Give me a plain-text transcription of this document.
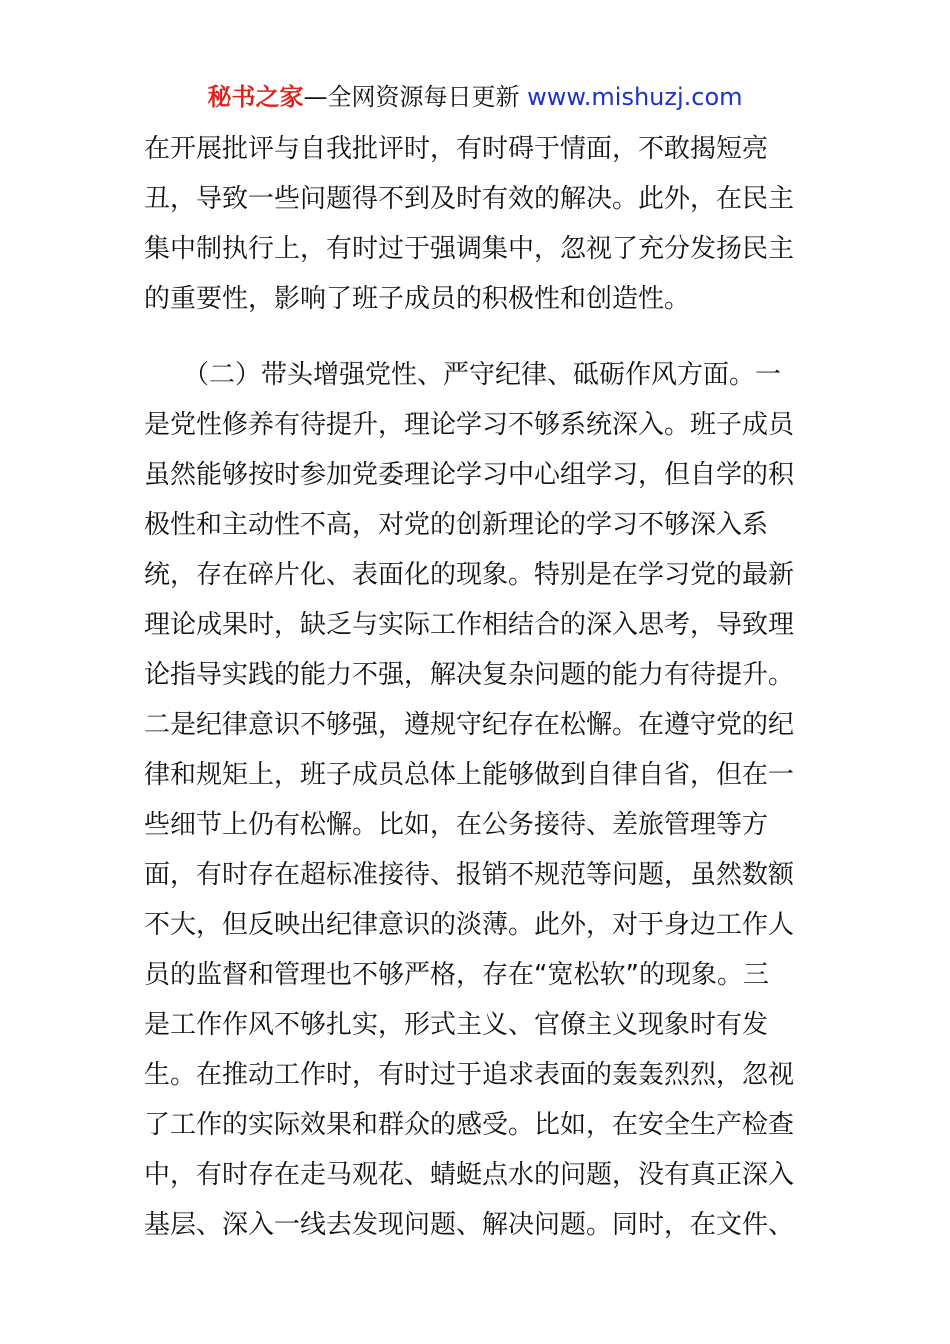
秘书之家—全网资源每日更新 www.mishuzj.com
在开展批评与自我批评时，有时碍于情面，不敢揭短亮
丑，导致一些问题得不到及时有效的解决。此外，在民主
集中制执行上，有时过于强调集中，忽视了充分发扬民主
的重要性，影响了班子成员的积极性和创造性。
　　（二）带头增强党性、严守纪律、砥砺作风方面。一
是党性修养有待提升，理论学习不够系统深入。班子成员
虽然能够按时参加党委理论学习中心组学习，但自学的积
极性和主动性不高，对党的创新理论的学习不够深入系
统，存在碎片化、表面化的现象。特别是在学习党的最新
理论成果时，缺乏与实际工作相结合的深入思考，导致理
论指导实践的能力不强，解决复杂问题的能力有待提升。
二是纪律意识不够强，遵规守纪存在松懈。在遵守党的纪
律和规矩上，班子成员总体上能够做到自律自省，但在一
些细节上仍有松懈。比如，在公务接待、差旅管理等方
面，有时存在超标准接待、报销不规范等问题，虽然数额
不大，但反映出纪律意识的淡薄。此外，对于身边工作人
员的监督和管理也不够严格，存在“宽松软”的现象。三
是工作作风不够扎实，形式主义、官僚主义现象时有发
生。在推动工作时，有时过于追求表面的轰轰烈烈，忽视
了工作的实际效果和群众的感受。比如，在安全生产检查
中，有时存在走马观花、蜻蜓点水的问题，没有真正深入
基层、深入一线去发现问题、解决问题。同时，在文件、
